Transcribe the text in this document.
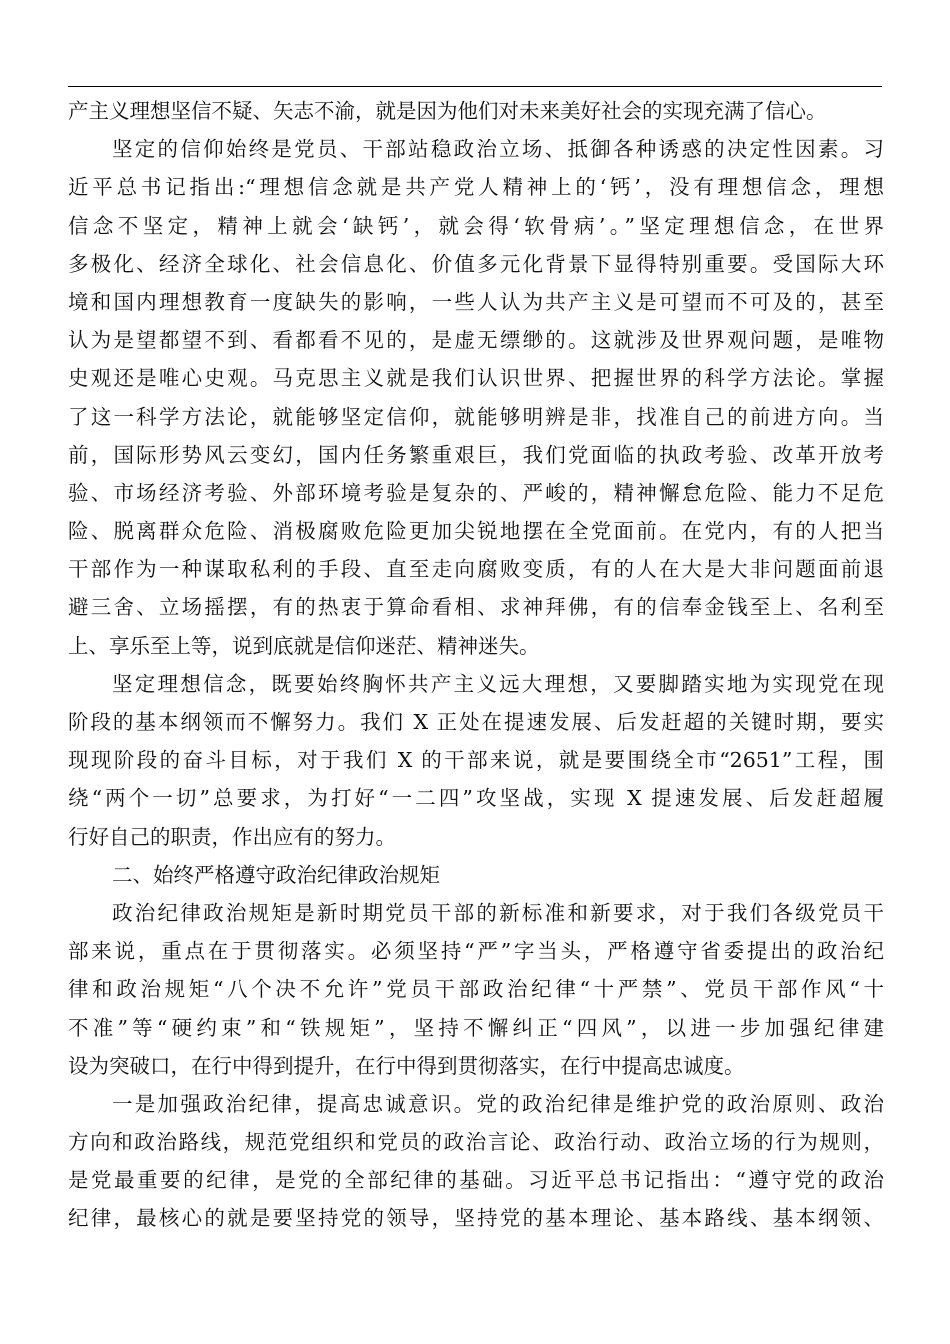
产主义理想坚信不疑、矢志不渝，就是因为他们对未来美好社会的实现充满了信心。
坚定的信仰始终是党员、干部站稳政治立场、抵御各种诱惑的决定性因素。习
近平总书记指出:“理想信念就是共产党人精神上的‘钙’，没有理想信念，理想
信念不坚定，精神上就会‘缺钙’，就会得‘软骨病’。”坚定理想信念，在世界
多极化、经济全球化、社会信息化、价值多元化背景下显得特别重要。受国际大环
境和国内理想教育一度缺失的影响，一些人认为共产主义是可望而不可及的，甚至
认为是望都望不到、看都看不见的，是虚无缥缈的。这就涉及世界观问题，是唯物
史观还是唯心史观。马克思主义就是我们认识世界、把握世界的科学方法论。掌握
了这一科学方法论，就能够坚定信仰，就能够明辨是非，找准自己的前进方向。当
前，国际形势风云变幻，国内任务繁重艰巨，我们党面临的执政考验、改革开放考
验、市场经济考验、外部环境考验是复杂的、严峻的，精神懈怠危险、能力不足危
险、脱离群众危险、消极腐败危险更加尖锐地摆在全党面前。在党内，有的人把当
干部作为一种谋取私利的手段、直至走向腐败变质，有的人在大是大非问题面前退
避三舍、立场摇摆，有的热衷于算命看相、求神拜佛，有的信奉金钱至上、名利至
上、享乐至上等，说到底就是信仰迷茫、精神迷失。
坚定理想信念，既要始终胸怀共产主义远大理想，又要脚踏实地为实现党在现
阶段的基本纲领而不懈努力。我们 X 正处在提速发展、后发赶超的关键时期，要实
现现阶段的奋斗目标，对于我们 X 的干部来说，就是要围绕全市“2651”工程，围
绕“两个一切”总要求，为打好“一二四”攻坚战，实现 X 提速发展、后发赶超履
行好自己的职责，作出应有的努力。
二、始终严格遵守政治纪律政治规矩
政治纪律政治规矩是新时期党员干部的新标准和新要求，对于我们各级党员干
部来说，重点在于贯彻落实。必须坚持“严”字当头，严格遵守省委提出的政治纪
律和政治规矩“八个决不允许”党员干部政治纪律“十严禁”、党员干部作风“十
不准”等“硬约束”和“铁规矩”，坚持不懈纠正“四风”，以进一步加强纪律建
设为突破口，在行中得到提升，在行中得到贯彻落实，在行中提高忠诚度。
一是加强政治纪律，提高忠诚意识。党的政治纪律是维护党的政治原则、政治
方向和政治路线，规范党组织和党员的政治言论、政治行动、政治立场的行为规则，
是党最重要的纪律，是党的全部纪律的基础。习近平总书记指出：“遵守党的政治
纪律，最核心的就是要坚持党的领导，坚持党的基本理论、基本路线、基本纲领、
